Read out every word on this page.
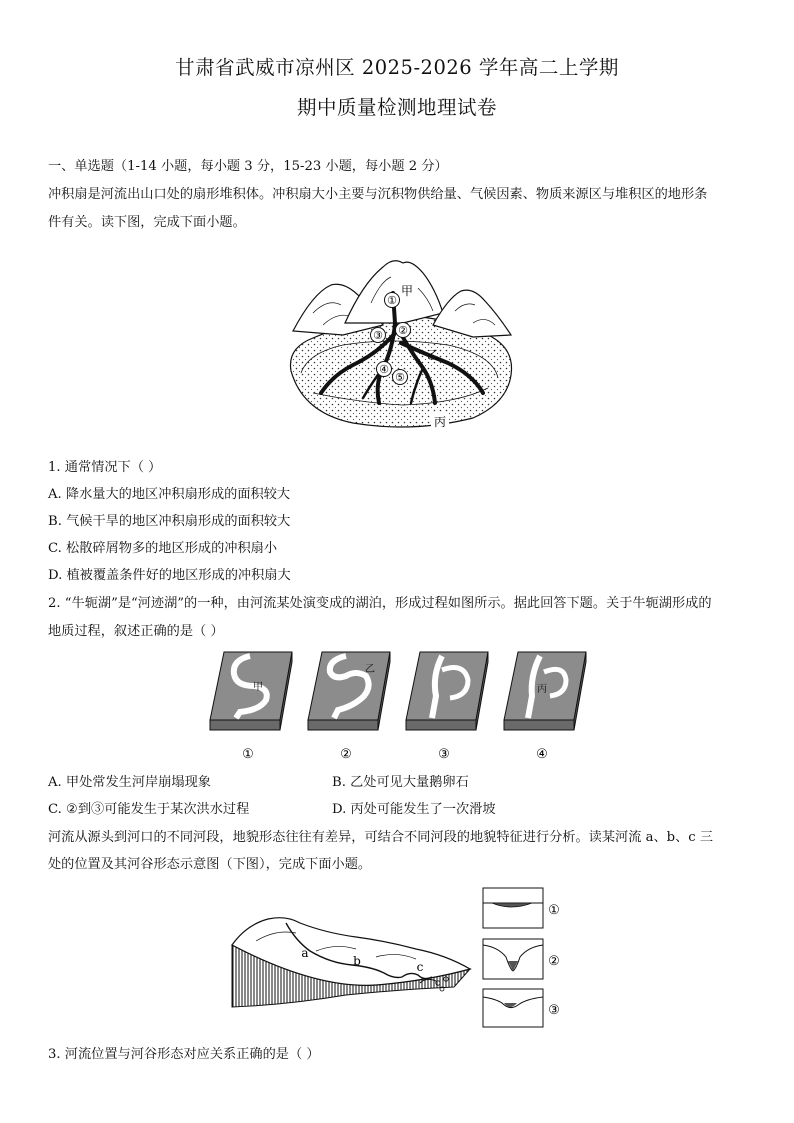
甘肃省武威市凉州区 2025-2026 学年高二上学期
期中质量检测地理试卷
一、单选题（1-14 小题，每小题 3 分，15-23 小题，每小题 2 分）
冲积扇是河流出山口处的扇形堆积体。冲积扇大小主要与沉积物供给量、气候因素、物质来源区与堆积区的地形条
件有关。读下图，完成下面小题。
①
甲
②
③
乙
④
⑤
丙
1. 通常情况下（ ）
A. 降水量大的地区冲积扇形成的面积较大
B. 气候干旱的地区冲积扇形成的面积较大
C. 松散碎屑物多的地区形成的冲积扇小
D. 植被覆盖条件好的地区形成的冲积扇大
2. “牛轭湖”是“河迹湖”的一种，由河流某处演变成的湖泊，形成过程如图所示。据此回答下题。关于牛轭湖形成的
地质过程，叙述正确的是（ ）
甲
乙
丙
①	②	③	④
A. 甲处常发生河岸崩塌现象	B. 乙处可见大量鹅卵石
C. ②到③可能发生于某次洪水过程	D. 丙处可能发生了一次滑坡
河流从源头到河口的不同河段，地貌形态往往有差异，可结合不同河段的地貌特征进行分析。读某河流 a、b、c 三
处的位置及其河谷形态示意图（下图），完成下面小题。
a
b	c
①
②
③
3. 河流位置与河谷形态对应关系正确的是（ ）
